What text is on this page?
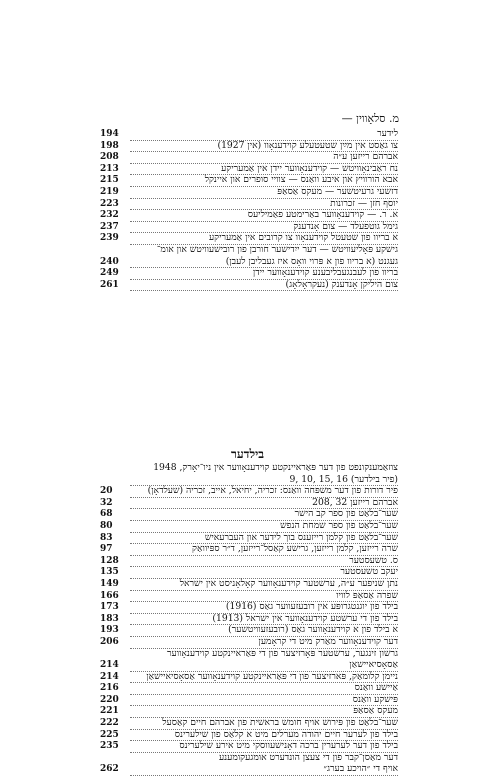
מ. סלאָווין —
194	לידער
198	צו גאַסט אין מײַן שטעטעלע קוידענאָוו (אין 1927)
208	אברהם רייזען ע״ה
213	נח ראַבינאָוויטש — קוידענאָווער יידן אין אַמעריקע
215	אבא הורוויץ און איבע וואַנס — צוויי סופרים און איינקל
219	דזשעי גרעיטשער — מעקס אַסאַפּ
223	יוסף חזן — זכרונות
232	א. ר. — קוידענאָווער באַרימטע פאַמיליעס
237	גימל גוטפעלד — צום אָנדענק
239	א בריוו פון שטעטל קוידענאָוו צו קרובים אין אַמעריקע
גישקע פּאָליעוויטש — דער ייִדישער חורבן פון רובישעוויטש און אומ־
240	געגנט (א בריוו פון א פּרוי וואָס איז געבליבן לעבן)
249	בריוו פון לעבנגעבליבענע קוידענאָווער יידן
261	צום היליקן אָנדענק (נעקראָלאָג)
בילדער
צוזאַמענקונפט פון דער פּאַראיינקטע קוידענאָווער אין ניו־יאָרק, 1948
(פיר בילדער) 16 ,15 ,10 ,9
20	פיר דורות פון דער משפּחה וואַנס: זכריה, יחיאל, אייב, זכריה (שעלדאָן)
32	אברהם רייזען 32 ,208
68	שער־בלאַט פון ספר קב הישר
80	שער־בלאַט פון ספר שמחת הנפש
83	שער־בלאַט פון קלמן רייזענס בוך לידער און העברעאיש
97	שרה רייזען, קלמן רייזען, גרישע קאַסל־רייזען, ד״ר ספּיוואַק
128	ס. טשעסטער
135	יעקב טשעסטער
149	נתן שניפער ע״ה, ערשטער קוידענאָווער קאָלאָניסט אין ישראל
166	שפרה אַסאַפּ לוויו
173	בילד פון יוגנטגרופּע אין רובעזעווער גאַס (1916)
183	בילד פון די ערשטע קוידענאָווער אין ישראל (1913)
193	א בילד פון א קוידענאָווער גאַס (רובעזעוויטשער)
206	דער קוידענאָווער מאַרק מיט די קראָמען
גרשון זינגער, ערשטער פּאָרזיצער פון די פּאַראיינקטע קוידענאָווער
214	אַסאָסיאיישאַן
214	ניימן קלומאַק, פּארזיצער פון די פּאַראיינקטע קוידענאָווער אַסאָסיאיישאַן
216	אַיישע וואַנס
220	פּישקע וואַנס
221	מעקס אַסאַפּ
222	שער־בלאַט פון פּירוש אויף חומש בראשית פון אברהם חיים קאַסעל
225	בילד פון לערער חיים יהודה מערלים מיט א קלאַס פון שילערינס
235	בילד פון דער לערערין ברכה דאָנישעווסקי מיט אירע שילערינס
דער מאַסן־קבר פון די צעצן הונדערט אומגעקומענע
262	אויף די ״הויכע בערג״
